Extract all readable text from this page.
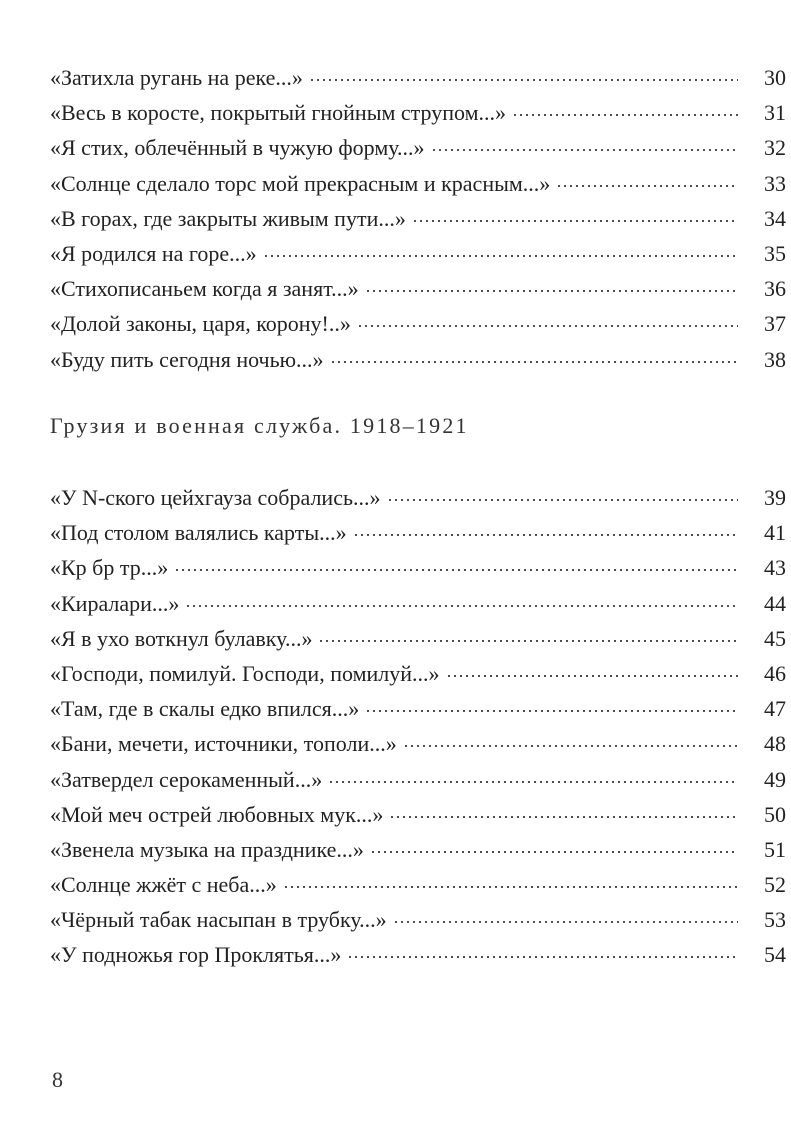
«Затихла ругань на реке...»	30
«Весь в коросте, покрытый гнойным струпом...»	31
«Я стих, облечённый в чужую форму...»	32
«Солнце сделало торс мой прекрасным и красным...»	33
«В горах, где закрыты живым пути...»	34
«Я родился на горе...»	35
«Стихописаньем когда я занят...»	36
«Долой законы, царя, корону!..»	37
«Буду пить сегодня ночью...»	38
Грузия и военная служба. 1918–1921
«У N-ского цейхгауза собрались...»	39
«Под столом валялись карты...»	41
«Кр бр тр...»	43
«Киралари...»	44
«Я в ухо воткнул булавку...»	45
«Господи, помилуй. Господи, помилуй...»	46
«Там, где в скалы едко впился...»	47
«Бани, мечети, источники, тополи...»	48
«Затвердел серокаменный...»	49
«Мой меч острей любовных мук...»	50
«Звенела музыка на празднике...»	51
«Солнце жжёт с неба...»	52
«Чёрный табак насыпан в трубку...»	53
«У подножья гор Проклятья...»	54
8
